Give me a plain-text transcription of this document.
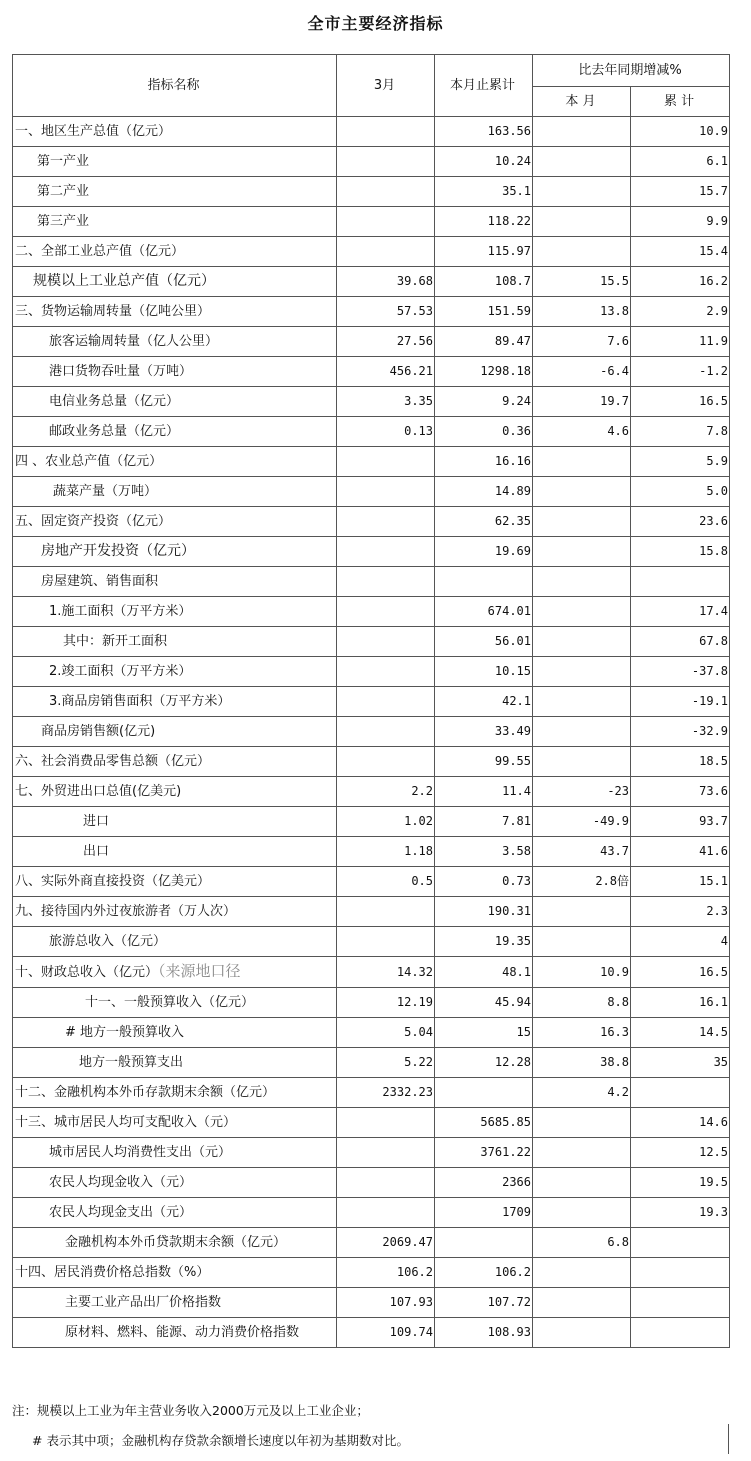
全市主要经济指标
指标名称	3月	本月止累计	比去年同期增减%	
			本 月	累 计
一、地区生产总值（亿元）		163.56		10.9
第一产业		10.24		6.1
第二产业		35.1		15.7
第三产业		118.22		9.9
二、全部工业总产值（亿元）		115.97		15.4
规模以上工业总产值（亿元）	39.68	108.7	15.5	16.2
三、货物运输周转量（亿吨公里）	57.53	151.59	13.8	2.9
旅客运输周转量（亿人公里）	27.56	89.47	7.6	11.9
港口货物吞吐量（万吨）	456.21	1298.18	-6.4	-1.2
电信业务总量（亿元）	3.35	9.24	19.7	16.5
邮政业务总量（亿元）	0.13	0.36	4.6	7.8
四 、农业总产值（亿元）		16.16		5.9
蔬菜产量（万吨）		14.89		5.0
五、固定资产投资（亿元）		62.35		23.6
房地产开发投资（亿元）		19.69		15.8
房屋建筑、销售面积				
1.施工面积（万平方米）		674.01		17.4
其中：新开工面积		56.01		67.8
2.竣工面积（万平方米）		10.15		-37.8
3.商品房销售面积（万平方米）		42.1		-19.1
商品房销售额(亿元)		33.49		-32.9
六、社会消费品零售总额（亿元）		99.55		18.5
七、外贸进出口总值(亿美元)	2.2	11.4	-23	73.6
进口	1.02	7.81	-49.9	93.7
出口	1.18	3.58	43.7	41.6
八、实际外商直接投资（亿美元）	0.5	0.73	2.8倍	15.1
九、接待国内外过夜旅游者（万人次）		190.31		2.3
旅游总收入（亿元）		19.35		4
十、财政总收入（亿元）（来源地口径	14.32	48.1	10.9	16.5
十一、一般预算收入（亿元）	12.19	45.94	8.8	16.1
# 地方一般预算收入	5.04	15	16.3	14.5
地方一般预算支出	5.22	12.28	38.8	35
十二、金融机构本外币存款期末余额（亿元）	2332.23		4.2	
十三、城市居民人均可支配收入（元）		5685.85		14.6
城市居民人均消费性支出（元）		3761.22		12.5
农民人均现金收入（元）		2366		19.5
农民人均现金支出（元）		1709		19.3
金融机构本外币贷款期末余额（亿元）	2069.47		6.8	
十四、居民消费价格总指数（%）	106.2	106.2		
主要工业产品出厂价格指数	107.93	107.72		
原材料、燃料、能源、动力消费价格指数	109.74	108.93		
注：规模以上工业为年主营业务收入2000万元及以上工业企业；
# 表示其中项；金融机构存贷款余额增长速度以年初为基期数对比。
